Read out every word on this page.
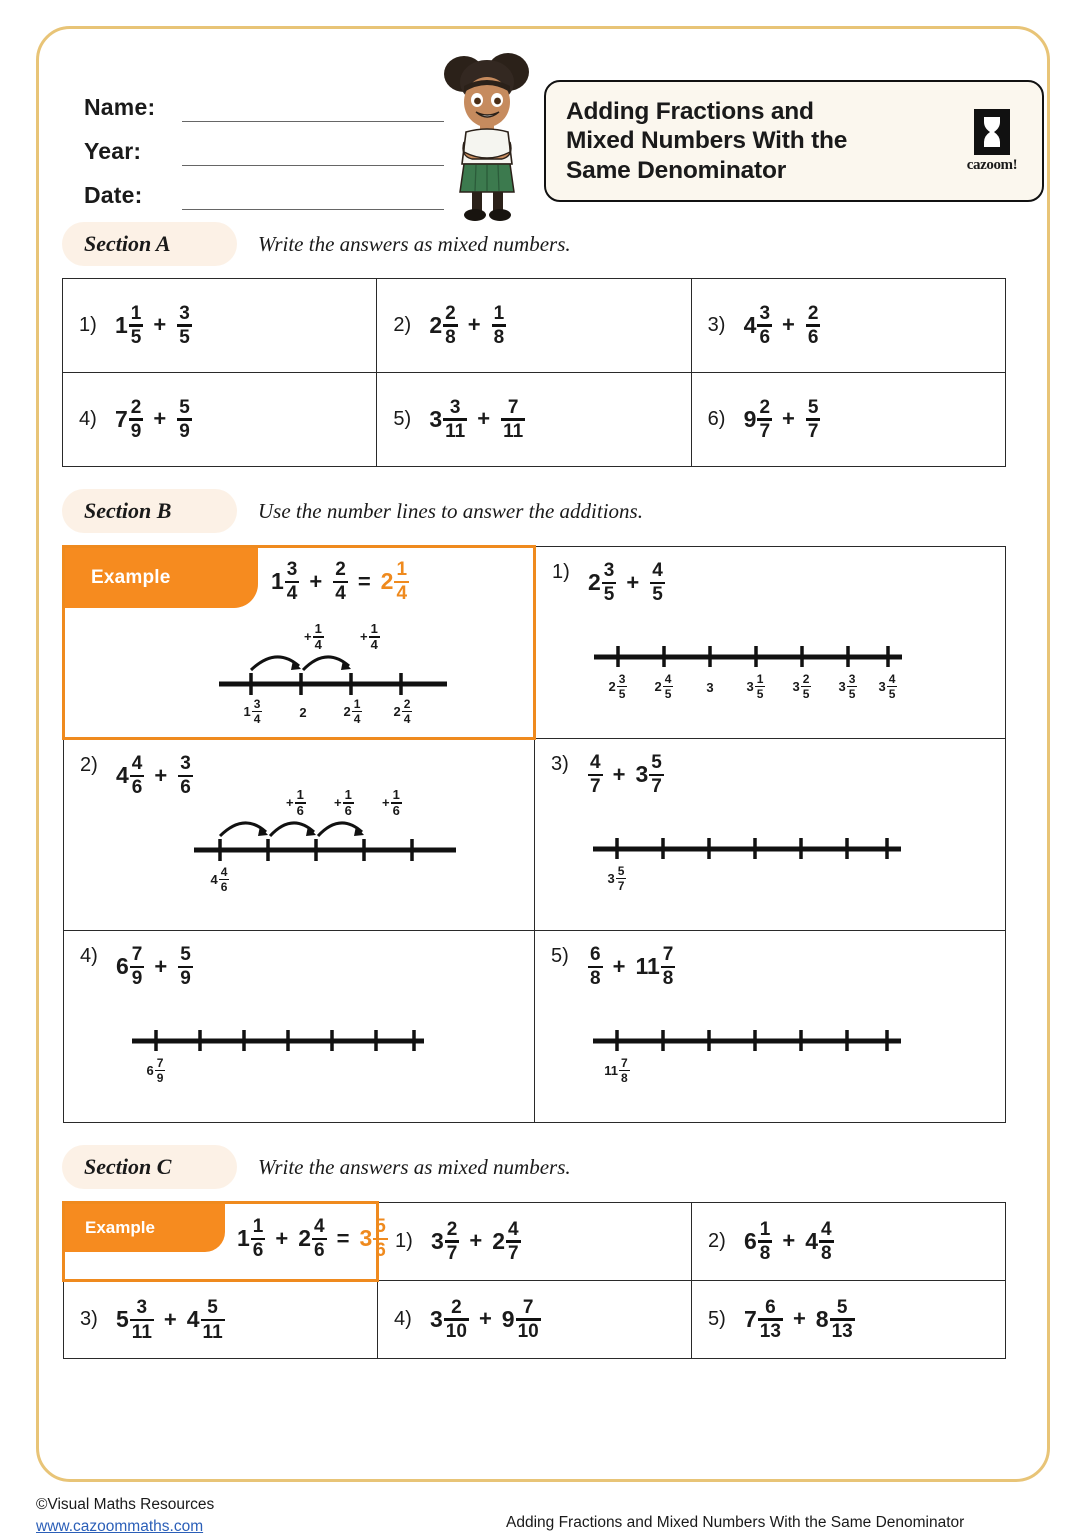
Name:
Year:
Date:
Adding Fractions and
Mixed Numbers With the
Same Denominator	cazoom!
Section A	Write the answers as mixed numbers.
1) $1 \frac{1}{5} + \frac{3}{5}$	2) $2 \frac{2}{8} + \frac{1}{8}$	3) $4 \frac{3}{6} + \frac{2}{6}$

4) $7 \frac{2}{9} + \frac{5}{9}$	5) $3 \frac{3}{11} + \frac{7}{11}$	6) $9 \frac{2}{7} + \frac{5}{7}$
Section B	Use the number lines to answer the additions.
Example	$1 \frac{3}{4} + \frac{2}{4} = 2 \frac{1}{4}$
+ $\frac{1}{4}$	+ $\frac{1}{4}$
$1 \frac{3}{4}$	2	$2 \frac{1}{4} 2 \frac{2}{4}$

1) $2 \frac{3}{5} + \frac{4}{5}$
$2 \frac{3}{5} 2 \frac{4}{5}$	3	$3 \frac{1}{5} 3 \frac{2}{5} 3 \frac{3}{5} 3 \frac{4}{5}$

2) $4 \frac{4}{6} + \frac{3}{6}$
+ $\frac{1}{6} + \frac{1}{6} + \frac{1}{6}$
$4 \frac{4}{6}$

3)	$\frac{4}{7} + 3 \frac{5}{7}$
$3 \frac{5}{7}$

4) $6 \frac{7}{9} + \frac{5}{9}$
$6 \frac{7}{9}$

5)	$\frac{6}{8} + 11 \frac{7}{8}$
$11 \frac{7}{8}$
Section C	Write the answers as mixed numbers.
Example	$1 \frac{1}{6} + 2 \frac{4}{6} = 3 \frac{5}{6}$	1) $3 \frac{2}{7} + 2 \frac{4}{7}$	2) $6 \frac{1}{8} + 4 \frac{4}{8}$

3) $5 \frac{3}{11} + 4 \frac{5}{11}$	4) $3 \frac{2}{10} + 9 \frac{7}{10}$	5) $7 \frac{6}{13} + 8 \frac{5}{13}$
©Visual Maths Resources
www.cazoommaths.com	Adding Fractions and Mixed Numbers With the Same Denominator
